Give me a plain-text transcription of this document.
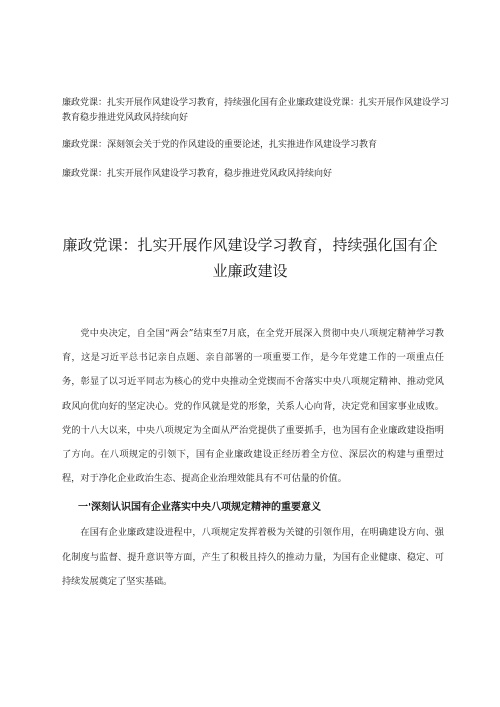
廉政党课：扎实开展作风建设学习教育，持续强化国有企业廉政建设党课：扎实开展作风建设学习教育稳步推进党风政风持续向好
廉政党课：深刻领会关于党的作风建设的重要论述，扎实推进作风建设学习教育
廉政党课：扎实开展作风建设学习教育，稳步推进党风政风持续向好
廉政党课：扎实开展作风建设学习教育，持续强化国有企业廉政建设

党中央决定，自全国“两会”结束至7月底，在全党开展深入贯彻中央八项规定精神学习教育，这是习近平总书记亲自点题、亲自部署的一项重要工作，是今年党建工作的一项重点任务，彰显了以习近平同志为核心的党中央推动全党锲而不舍落实中央八项规定精神、推动党风政风向优向好的坚定决心。党的作风就是党的形象，关系人心向背，决定党和国家事业成败。党的十八大以来，中央八项规定为全面从严治党提供了重要抓手，也为国有企业廉政建设指明了方向。在八项规定的引领下，国有企业廉政建设正经历着全方位、深层次的构建与重塑过程，对于净化企业政治生态、提高企业治理效能具有不可估量的价值。

一'深刻认识国有企业落实中央八项规定精神的重要意义

在国有企业廉政建设进程中，八项规定发挥着极为关键的引领作用，在明确建设方向、强化制度与监督、提升意识等方面，产生了积极且持久的推动力量，为国有企业健康、稳定、可持续发展奠定了坚实基础。
